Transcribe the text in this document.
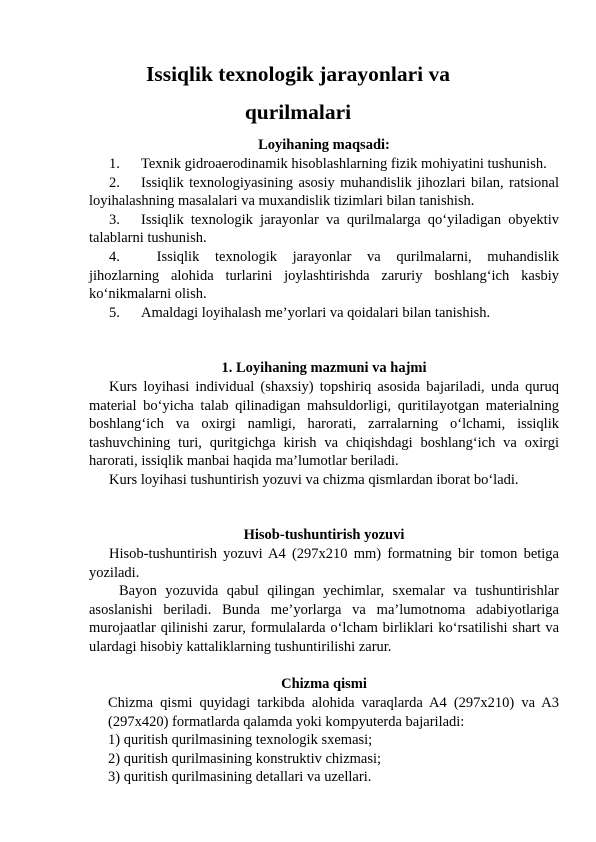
Issiqlik texnologik jarayonlari va
qurilmalari
Loyihaning maqsadi:

1. Texnik gidroaerodinamik hisoblashlarning fizik mohiyatini tushunish.

2. Issiqlik texnologiyasining asosiy muhandislik jihozlari bilan, ratsional loyihalashning masalalari va muxandislik tizimlari bilan tanishish.

3. Issiqlik texnologik jarayonlar va qurilmalarga qo‘yiladigan obyektiv talablarni tushunish.

4. Issiqlik texnologik jarayonlar va qurilmalarni, muhandislik jihozlarning alohida turlarini joylashtirishda zaruriy boshlang‘ich kasbiy ko‘nikmalarni olish.

5. Amaldagi loyihalash me’yorlari va qoidalari bilan tanishish.

1. Loyihaning mazmuni va hajmi

Kurs loyihasi individual (shaxsiy) topshiriq asosida bajariladi, unda quruq material bo‘yicha talab qilinadigan mahsuldorligi, quritilayotgan materialning boshlang‘ich va oxirgi namligi, harorati, zarralarning o‘lchami, issiqlik tashuvchining turi, quritgichga kirish va chiqishdagi boshlang‘ich va oxirgi harorati, issiqlik manbai haqida ma’lumotlar beriladi.

Kurs loyihasi tushuntirish yozuvi va chizma qismlardan iborat bo‘ladi.

Hisob-tushuntirish yozuvi

Hisob-tushuntirish yozuvi A4 (297x210 mm) formatning bir tomon betiga yoziladi.

Bayon yozuvida qabul qilingan yechimlar, sxemalar va tushuntirishlar asoslanishi beriladi. Bunda me’yorlarga va ma’lumotnoma adabiyotlariga murojaatlar qilinishi zarur, formulalarda o‘lcham birliklari ko‘rsatilishi shart va ulardagi hisobiy kattaliklarning tushuntirilishi zarur.

Chizma qismi

Chizma qismi quyidagi tarkibda alohida varaqlarda A4 (297x210) va A3 (297x420) formatlarda qalamda yoki kompyuterda bajariladi:

1) quritish qurilmasining texnologik sxemasi;

2) quritish qurilmasining konstruktiv chizmasi;

3) quritish qurilmasining detallari va uzellari.
